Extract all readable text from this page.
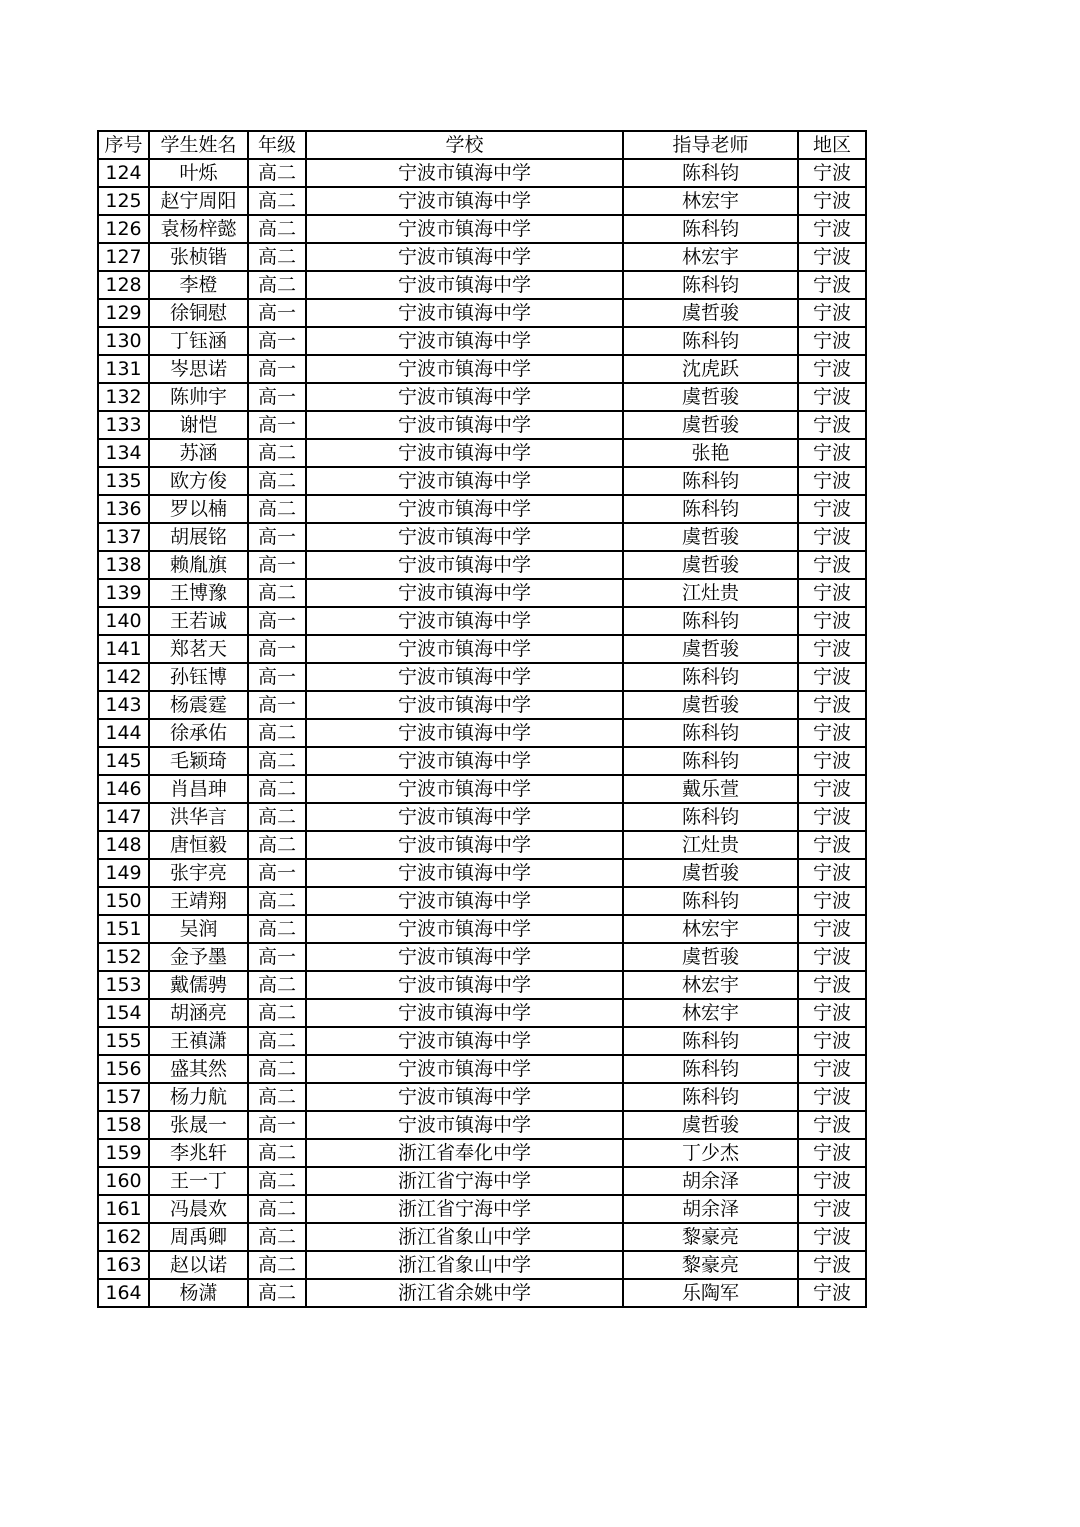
序号	学生姓名	年级	学校	指导老师	地区
124	叶烁	高二	宁波市镇海中学	陈科钧	宁波
125	赵宁周阳	高二	宁波市镇海中学	林宏宇	宁波
126	袁杨梓懿	高二	宁波市镇海中学	陈科钧	宁波
127	张桢锴	高二	宁波市镇海中学	林宏宇	宁波
128	李橙	高二	宁波市镇海中学	陈科钧	宁波
129	徐铜慰	高一	宁波市镇海中学	虞哲骏	宁波
130	丁钰涵	高一	宁波市镇海中学	陈科钧	宁波
131	岑思诺	高一	宁波市镇海中学	沈虎跃	宁波
132	陈帅宇	高一	宁波市镇海中学	虞哲骏	宁波
133	谢恺	高一	宁波市镇海中学	虞哲骏	宁波
134	苏涵	高二	宁波市镇海中学	张艳	宁波
135	欧方俊	高二	宁波市镇海中学	陈科钧	宁波
136	罗以楠	高二	宁波市镇海中学	陈科钧	宁波
137	胡展铭	高一	宁波市镇海中学	虞哲骏	宁波
138	赖胤旗	高一	宁波市镇海中学	虞哲骏	宁波
139	王博豫	高二	宁波市镇海中学	江灶贵	宁波
140	王若诚	高一	宁波市镇海中学	陈科钧	宁波
141	郑茗天	高一	宁波市镇海中学	虞哲骏	宁波
142	孙钰博	高一	宁波市镇海中学	陈科钧	宁波
143	杨震霆	高一	宁波市镇海中学	虞哲骏	宁波
144	徐承佑	高二	宁波市镇海中学	陈科钧	宁波
145	毛颖琦	高二	宁波市镇海中学	陈科钧	宁波
146	肖昌珅	高二	宁波市镇海中学	戴乐萱	宁波
147	洪华言	高二	宁波市镇海中学	陈科钧	宁波
148	唐恒毅	高二	宁波市镇海中学	江灶贵	宁波
149	张宇亮	高一	宁波市镇海中学	虞哲骏	宁波
150	王靖翔	高二	宁波市镇海中学	陈科钧	宁波
151	吴润	高二	宁波市镇海中学	林宏宇	宁波
152	金予墨	高一	宁波市镇海中学	虞哲骏	宁波
153	戴儒骋	高二	宁波市镇海中学	林宏宇	宁波
154	胡涵亮	高二	宁波市镇海中学	林宏宇	宁波
155	王禛潇	高二	宁波市镇海中学	陈科钧	宁波
156	盛其然	高二	宁波市镇海中学	陈科钧	宁波
157	杨力航	高二	宁波市镇海中学	陈科钧	宁波
158	张晟一	高一	宁波市镇海中学	虞哲骏	宁波
159	李兆轩	高二	浙江省奉化中学	丁少杰	宁波
160	王一丁	高二	浙江省宁海中学	胡余泽	宁波
161	冯晨欢	高二	浙江省宁海中学	胡余泽	宁波
162	周禹卿	高二	浙江省象山中学	黎豪亮	宁波
163	赵以诺	高二	浙江省象山中学	黎豪亮	宁波
164	杨潇	高二	浙江省余姚中学	乐陶军	宁波
